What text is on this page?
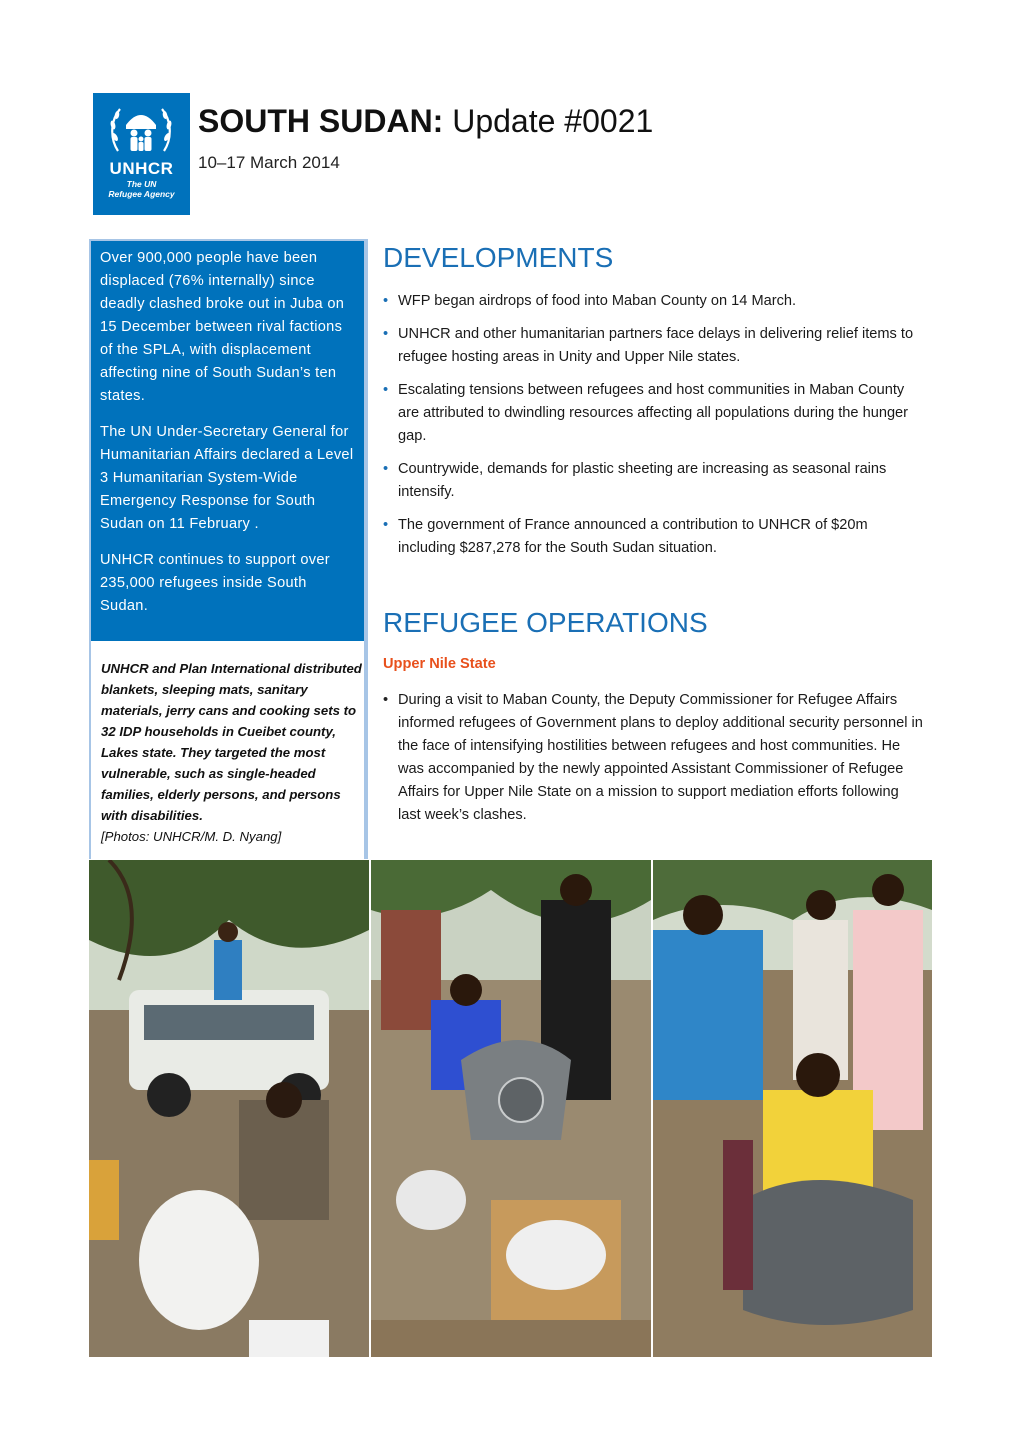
UNHCR
The UN
Refugee Agency
SOUTH SUDAN: Update #0021
10–17 March 2014

Over 900,000 people have been displaced (76% internally) since deadly clashed broke out in Juba on 15 December between rival factions of the SPLA, with displacement affecting nine of South Sudan’s ten states.

The UN Under-Secretary General for Humanitarian Affairs declared a Level 3 Humanitarian System-Wide Emergency Response for South Sudan on 11 February .

UNHCR continues to support over 235,000 refugees inside South Sudan.

UNHCR and Plan International distributed blankets, sleeping mats, sanitary materials, jerry cans and cooking sets to 32 IDP households in Cueibet county, Lakes state. They targeted the most vulnerable, such as single-headed families, elderly persons, and persons with disabilities.

[Photos: UNHCR/M. D. Nyang]

DEVELOPMENTS
• WFP began airdrops of food into Maban County on 14 March.
• UNHCR and other humanitarian partners face delays in delivering relief items to refugee hosting areas in Unity and Upper Nile states.
• Escalating tensions between refugees and host communities in Maban County are attributed to dwindling resources affecting all populations during the hunger gap.
• Countrywide, demands for plastic sheeting are increasing as seasonal rains intensify.
• The government of France announced a contribution to UNHCR of $20m including $287,278 for the South Sudan situation.
REFUGEE OPERATIONS
Upper Nile State
• During a visit to Maban County, the Deputy Commissioner for Refugee Affairs informed refugees of Government plans to deploy additional security personnel in the face of intensifying hostilities between refugees and host communities. He was accompanied by the newly appointed Assistant Commissioner of Refugee Affairs for Upper Nile State on a mission to support mediation efforts following last week’s clashes.
